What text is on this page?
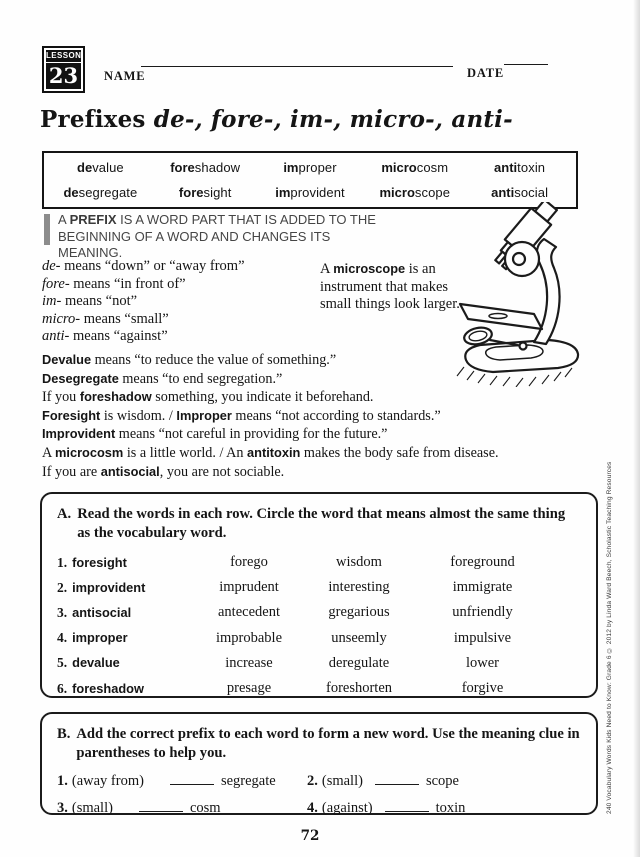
LESSON
23 NAME	DATE
Prefixes de-, fore-, im-, micro-, anti-
devalue	foreshadow	improper	microcosm	antitoxin
desegregate	foresight	improvident	microscope	antisocial
A PREFIX IS A WORD PART THAT IS ADDED TO THE BEGINNING OF A WORD AND CHANGES ITS MEANING.
de- means “down” or “away from”
fore- means “in front of”
im- means “not”
micro- means “small”
anti- means “against”
A microscope is an instrument that makes small things look larger.

Devalue means “to reduce the value of something.”

Desegregate means “to end segregation.”

If you foreshadow something, you indicate it beforehand.

Foresight is wisdom. / Improper means “not according to standards.”

Improvident means “not careful in providing for the future.”

A microcosm is a little world. / An antitoxin makes the body safe from disease.

If you are antisocial, you are not sociable.

A. Read the words in each row. Circle the word that means almost the same thing as the vocabulary word.
1. foresight	forego	wisdom	foreground
2. improvident	imprudent	interesting	immigrate
3. antisocial	antecedent	gregarious	unfriendly
4. improper	improbable	unseemly	impulsive
5. devalue	increase	deregulate	lower
6. foreshadow	presage	foreshorten	forgive
B. Add the correct prefix to each word to form a new word. Use the meaning clue in parentheses to help you.
1. (away from)	segregate	2. (small)	scope
3. (small)	cosm	4. (against)	toxin
72
240 Vocabulary Words Kids Need to Know: Grade 6 © 2012 by Linda Ward Beech, Scholastic Teaching Resources
